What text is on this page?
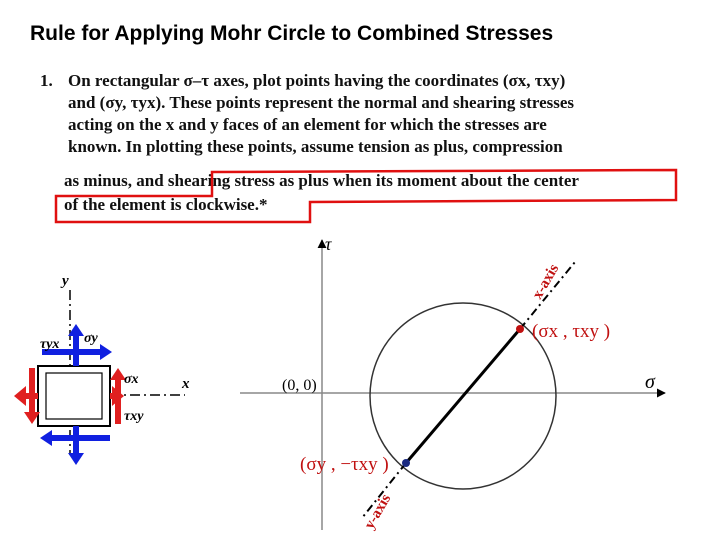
Rule for Applying Mohr Circle to Combined Stresses
1. On rectangular σ–τ axes, plot points having the coordinates (σx, τxy)
and (σy, τyx). These points represent the normal and shearing stresses
acting on the x and y faces of an element for which the stresses are
known. In plotting these points, assume tension as plus, compression
as minus, and shearing stress as plus when its moment about the center
of the element is clockwise.*
y
x
τyx σy
σx
τxy
τ
σ
(0, 0)
(σx , τxy )
(σy , −τxy )
x-axis
y-axis
